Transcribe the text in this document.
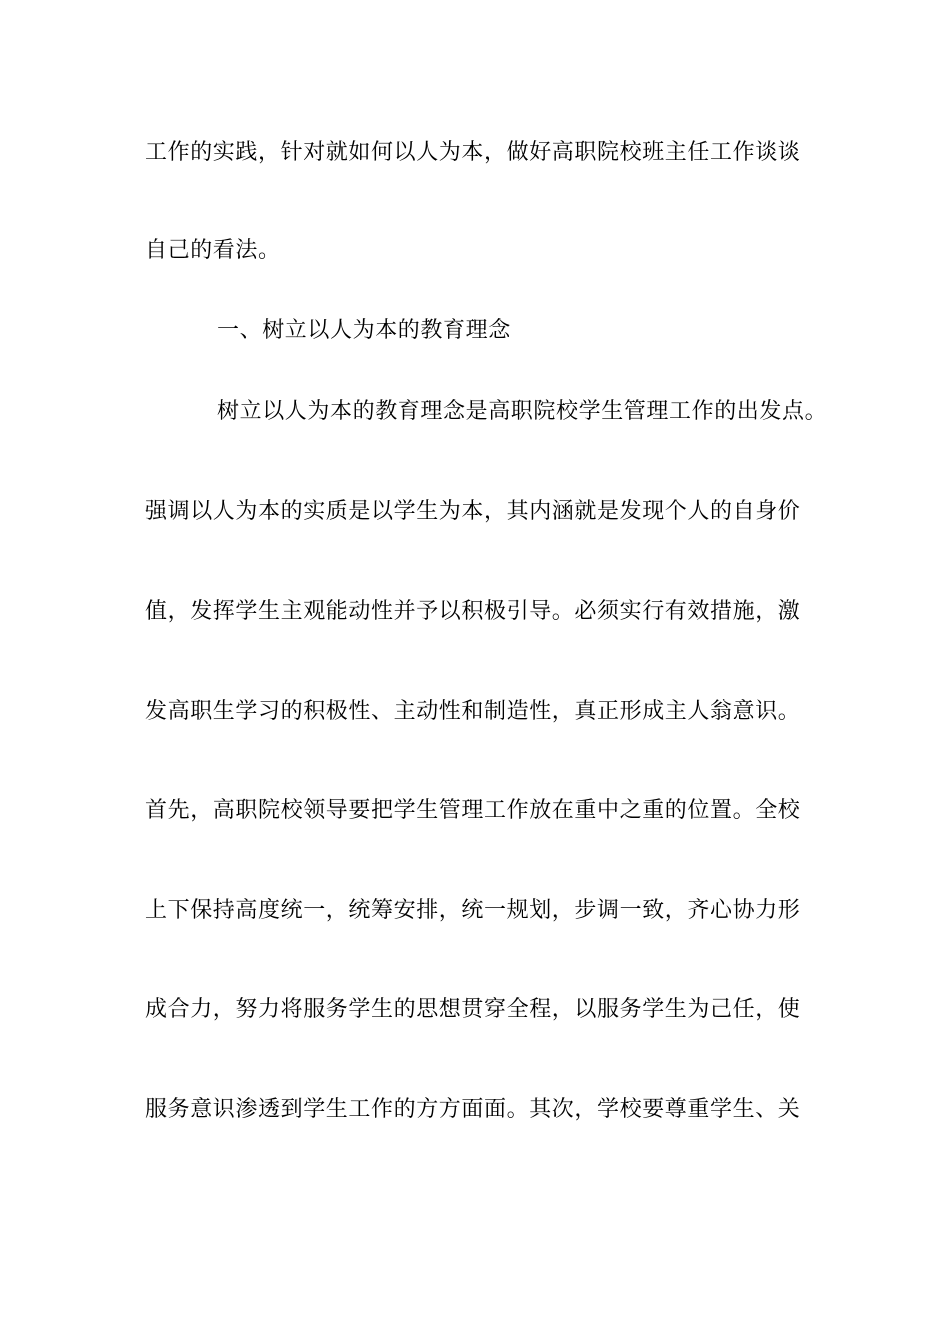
工作的实践，针对就如何以人为本，做好高职院校班主任工作谈谈
自己的看法。
一、树立以人为本的教育理念
树立以人为本的教育理念是高职院校学生管理工作的出发点。
强调以人为本的实质是以学生为本，其内涵就是发现个人的自身价
值，发挥学生主观能动性并予以积极引导。必须实行有效措施，激
发高职生学习的积极性、主动性和制造性，真正形成主人翁意识。
首先，高职院校领导要把学生管理工作放在重中之重的位置。全校
上下保持高度统一，统筹安排，统一规划，步调一致，齐心协力形
成合力，努力将服务学生的思想贯穿全程，以服务学生为己任，使
服务意识渗透到学生工作的方方面面。其次，学校要尊重学生、关
